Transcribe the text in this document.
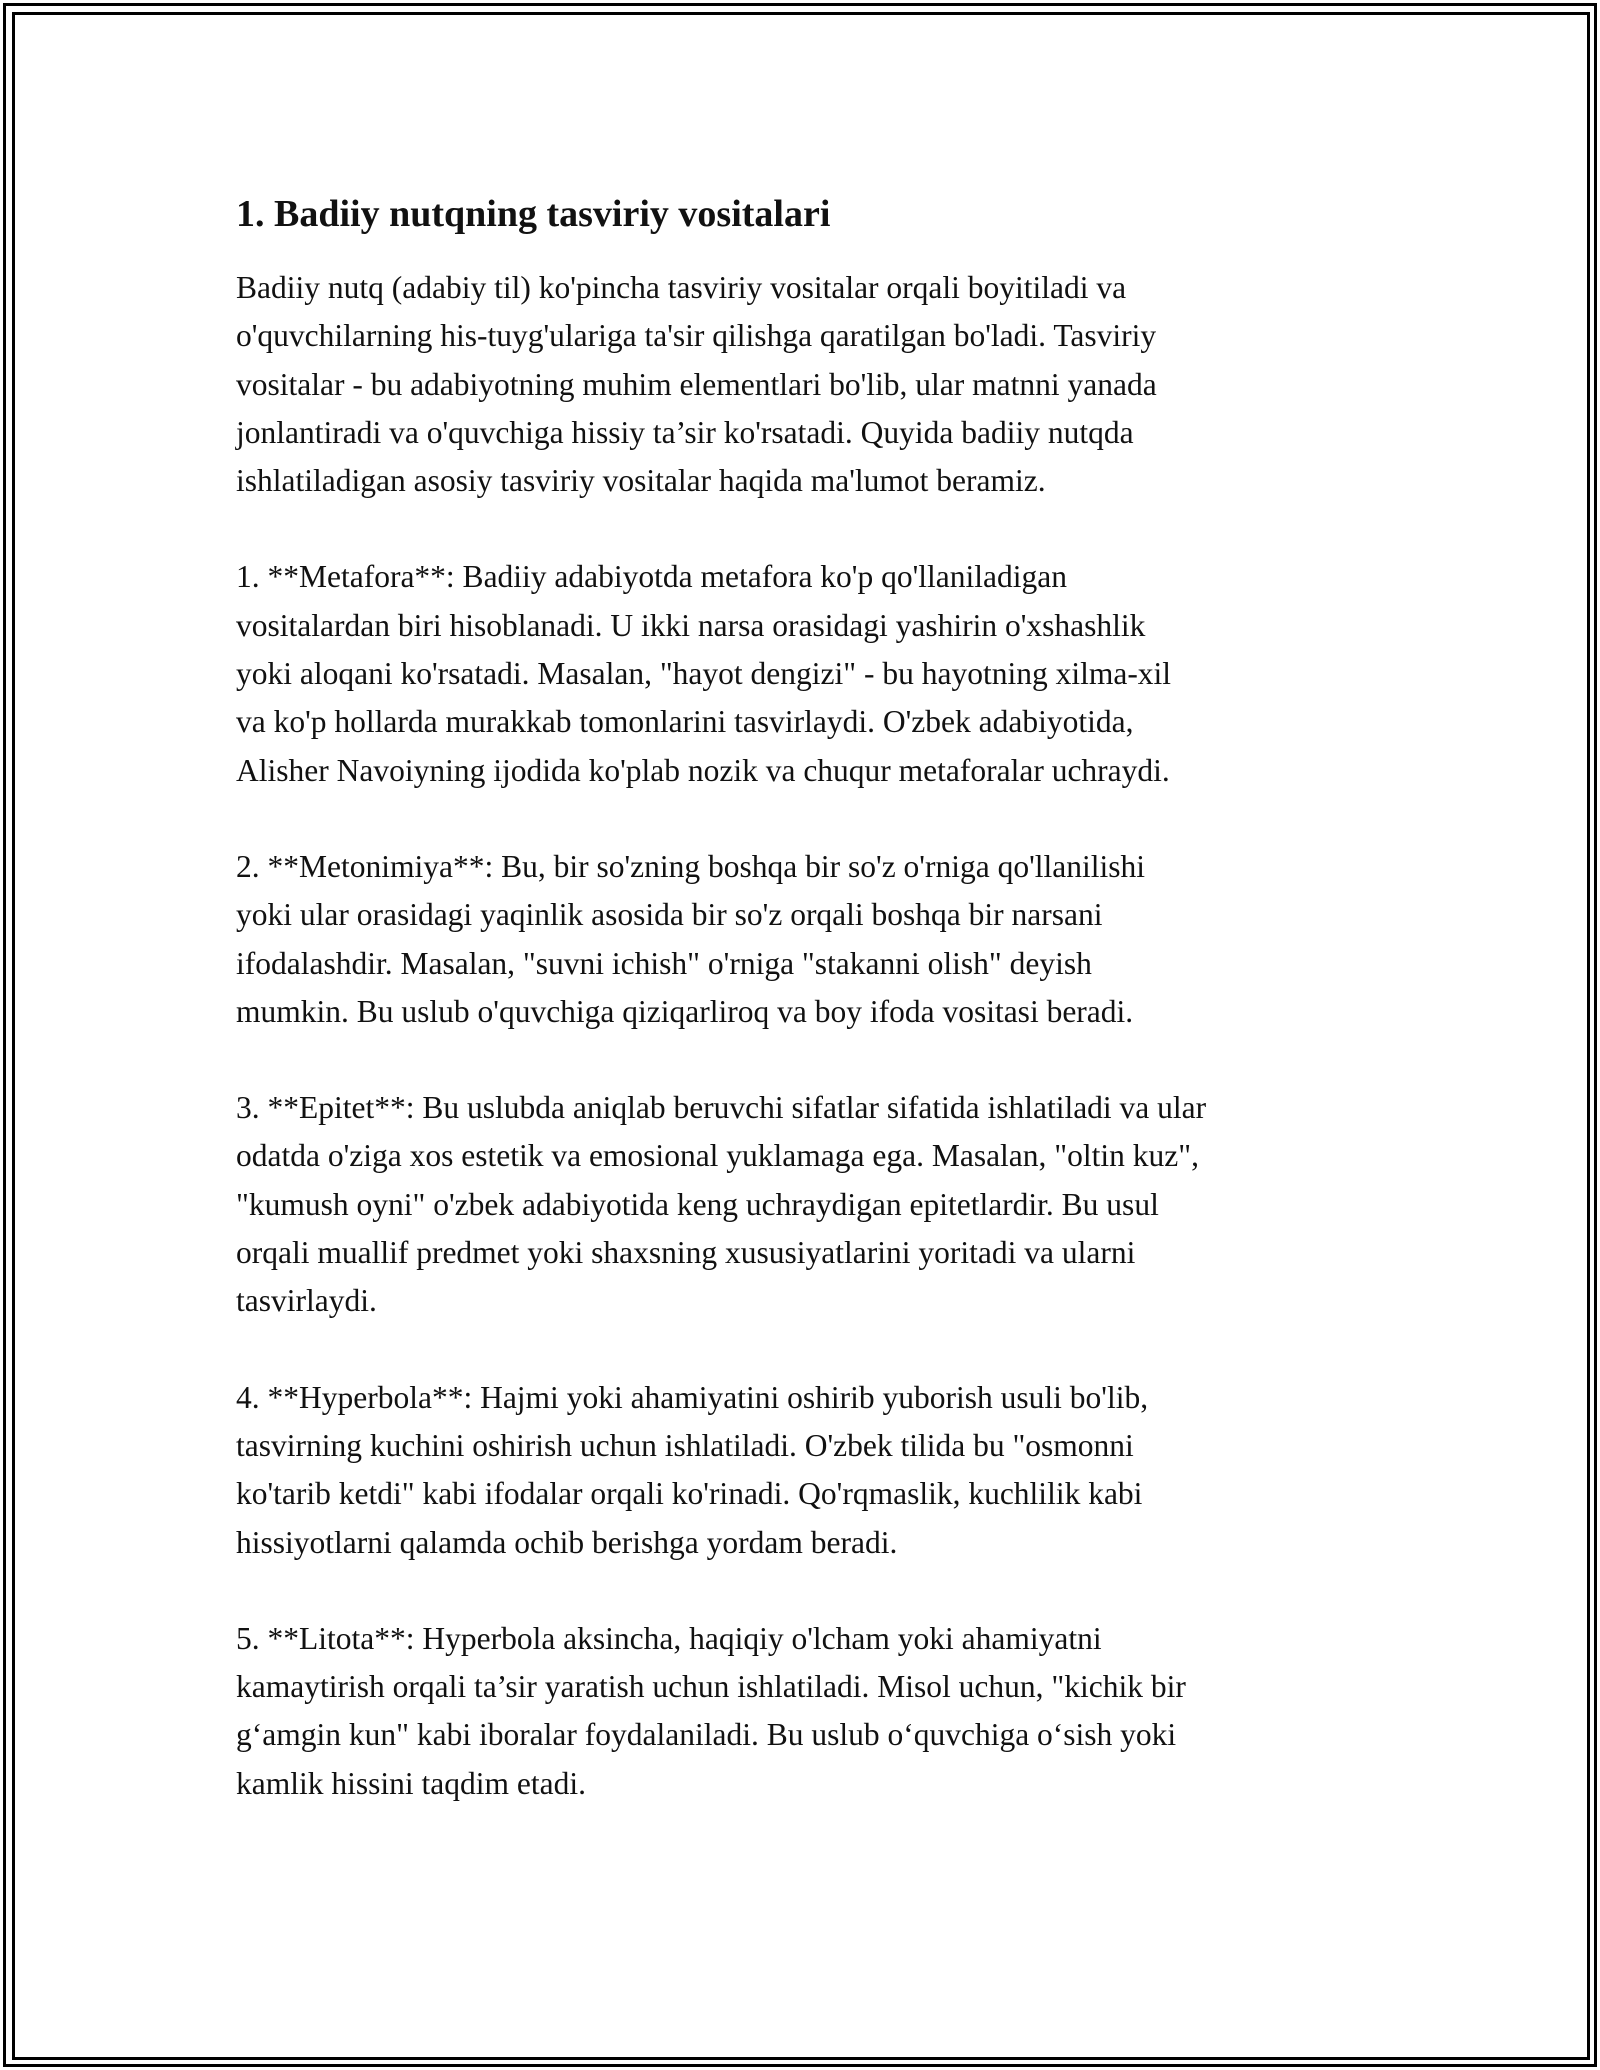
1. Badiiy nutqning tasviriy vositalari

Badiiy nutq (adabiy til) ko'pincha tasviriy vositalar orqali boyitiladi va
o'quvchilarning his-tuyg'ulariga ta'sir qilishga qaratilgan bo'ladi. Tasviriy
vositalar - bu adabiyotning muhim elementlari bo'lib, ular matnni yanada
jonlantiradi va o'quvchiga hissiy ta’sir ko'rsatadi. Quyida badiiy nutqda
ishlatiladigan asosiy tasviriy vositalar haqida ma'lumot beramiz.

1. **Metafora**: Badiiy adabiyotda metafora ko'p qo'llaniladigan
vositalardan biri hisoblanadi. U ikki narsa orasidagi yashirin o'xshashlik
yoki aloqani ko'rsatadi. Masalan, "hayot dengizi" - bu hayotning xilma-xil
va ko'p hollarda murakkab tomonlarini tasvirlaydi. O'zbek adabiyotida,
Alisher Navoiyning ijodida ko'plab nozik va chuqur metaforalar uchraydi.

2. **Metonimiya**: Bu, bir so'zning boshqa bir so'z o'rniga qo'llanilishi
yoki ular orasidagi yaqinlik asosida bir so'z orqali boshqa bir narsani
ifodalashdir. Masalan, "suvni ichish" o'rniga "stakanni olish" deyish
mumkin. Bu uslub o'quvchiga qiziqarliroq va boy ifoda vositasi beradi.

3. **Epitet**: Bu uslubda aniqlab beruvchi sifatlar sifatida ishlatiladi va ular
odatda o'ziga xos estetik va emosional yuklamaga ega. Masalan, "oltin kuz",
"kumush oyni" o'zbek adabiyotida keng uchraydigan epitetlardir. Bu usul
orqali muallif predmet yoki shaxsning xususiyatlarini yoritadi va ularni
tasvirlaydi.

4. **Hyperbola**: Hajmi yoki ahamiyatini oshirib yuborish usuli bo'lib,
tasvirning kuchini oshirish uchun ishlatiladi. O'zbek tilida bu "osmonni
ko'tarib ketdi" kabi ifodalar orqali ko'rinadi. Qo'rqmaslik, kuchlilik kabi
hissiyotlarni qalamda ochib berishga yordam beradi.

5. **Litota**: Hyperbola aksincha, haqiqiy o'lcham yoki ahamiyatni
kamaytirish orqali ta’sir yaratish uchun ishlatiladi. Misol uchun, "kichik bir
g‘amgin kun" kabi iboralar foydalaniladi. Bu uslub o‘quvchiga o‘sish yoki
kamlik hissini taqdim etadi.
